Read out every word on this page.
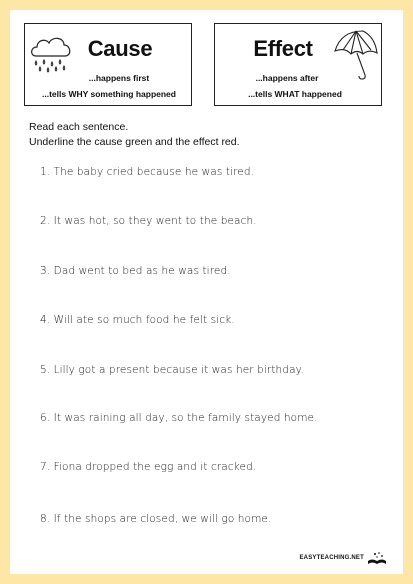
Cause
...happens first
...tells WHY something happened
Effect
...happens after
...tells WHAT happened
Read each sentence.
Underline the cause green and the effect red.
1. The baby cried because he was tired.
2. It was hot, so they went to the beach.
3. Dad went to bed as he was tired.
4. Will ate so much food he felt sick.
5. Lilly got a present because it was her birthday.
6. It was raining all day, so the family stayed home.
7. Fiona dropped the egg and it cracked.
8. If the shops are closed, we will go home.
EASYTEACHING.NET
